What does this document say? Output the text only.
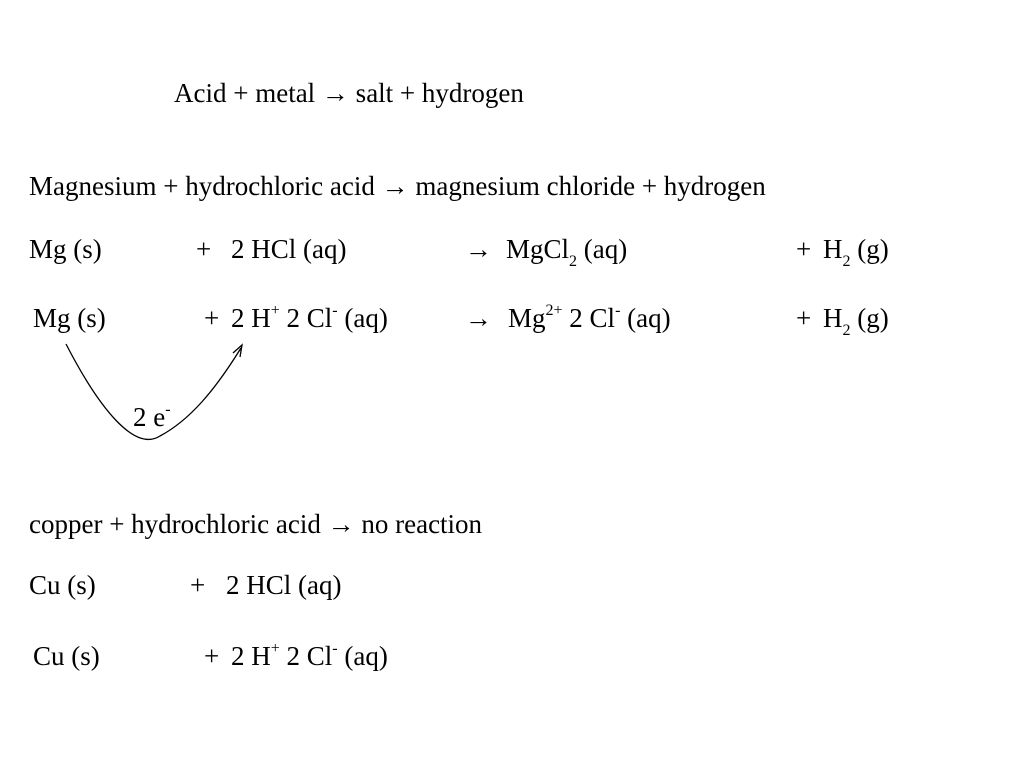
Acid + metal → salt + hydrogen
Magnesium + hydrochloric acid → magnesium chloride + hydrogen
Mg (s)	+ 2 HCl (aq)	→ MgCl$_2$ (aq)	+ $H_2$ (g)
Mg (s)	+ 2 H+ 2 Cl- (aq)	→ $Mg^{2+}$ 2 Cl- (aq)	+ $H_2$ (g)
2 e-
copper + hydrochloric acid → no reaction
Cu (s)	+ 2 HCl (aq)
Cu (s)	+ 2 H+ 2 Cl- (aq)
